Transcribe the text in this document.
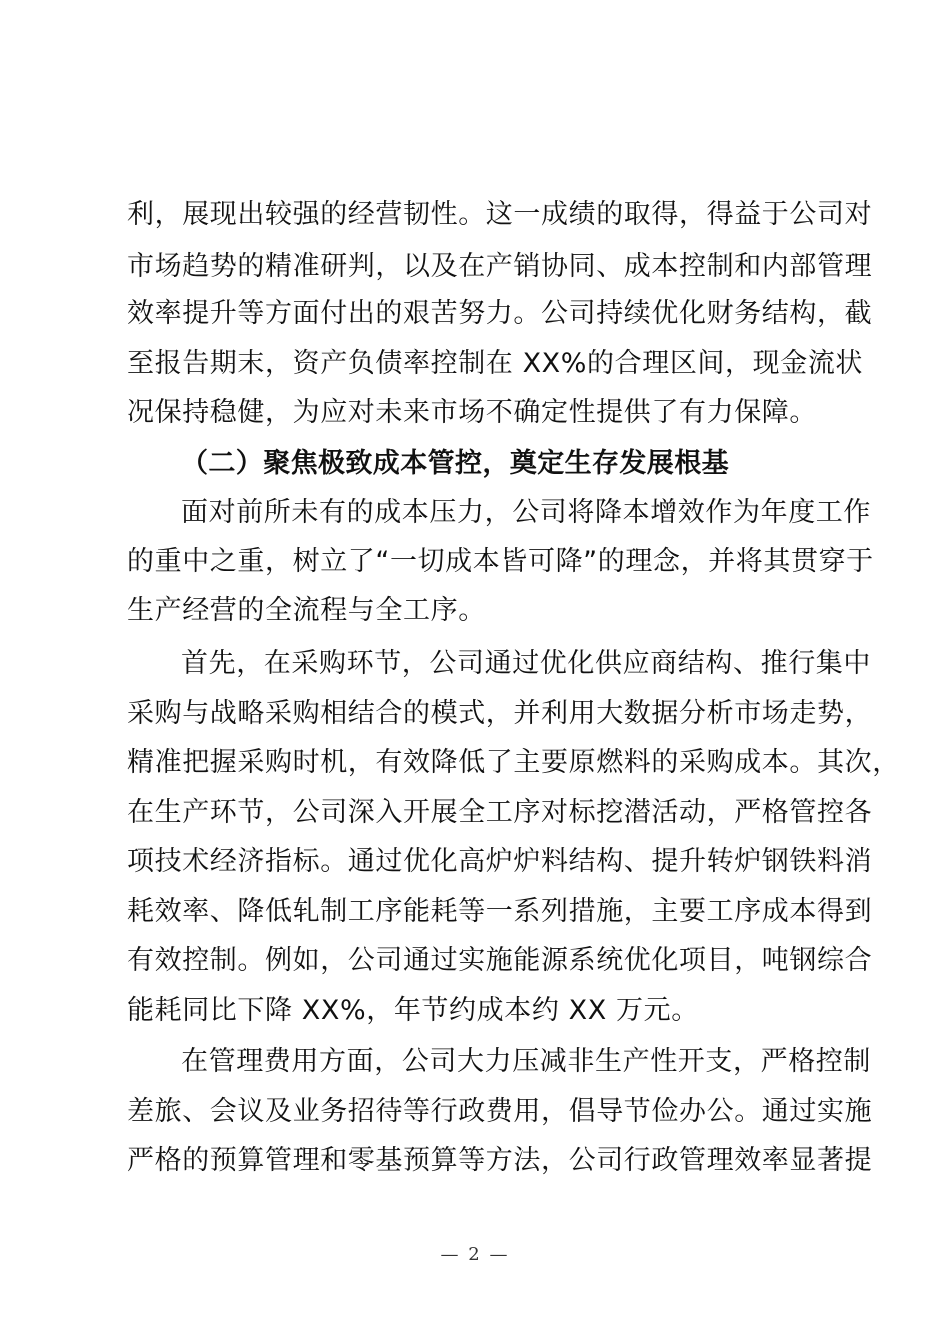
利，展现出较强的经营韧性。这一成绩的取得，得益于公司对
市场趋势的精准研判，以及在产销协同、成本控制和内部管理
效率提升等方面付出的艰苦努力。公司持续优化财务结构，截
至报告期末，资产负债率控制在 XX%的合理区间，现金流状
况保持稳健，为应对未来市场不确定性提供了有力保障。
（二）聚焦极致成本管控，奠定生存发展根基
面对前所未有的成本压力，公司将降本增效作为年度工作
的重中之重，树立了“一切成本皆可降”的理念，并将其贯穿于
生产经营的全流程与全工序。
首先，在采购环节，公司通过优化供应商结构、推行集中
采购与战略采购相结合的模式，并利用大数据分析市场走势，
精准把握采购时机，有效降低了主要原燃料的采购成本。其次，
在生产环节，公司深入开展全工序对标挖潜活动，严格管控各
项技术经济指标。通过优化高炉炉料结构、提升转炉钢铁料消
耗效率、降低轧制工序能耗等一系列措施，主要工序成本得到
有效控制。例如，公司通过实施能源系统优化项目，吨钢综合
能耗同比下降 XX%，年节约成本约 XX 万元。
在管理费用方面，公司大力压减非生产性开支，严格控制
差旅、会议及业务招待等行政费用，倡导节俭办公。通过实施
严格的预算管理和零基预算等方法，公司行政管理效率显著提
— 2 —
